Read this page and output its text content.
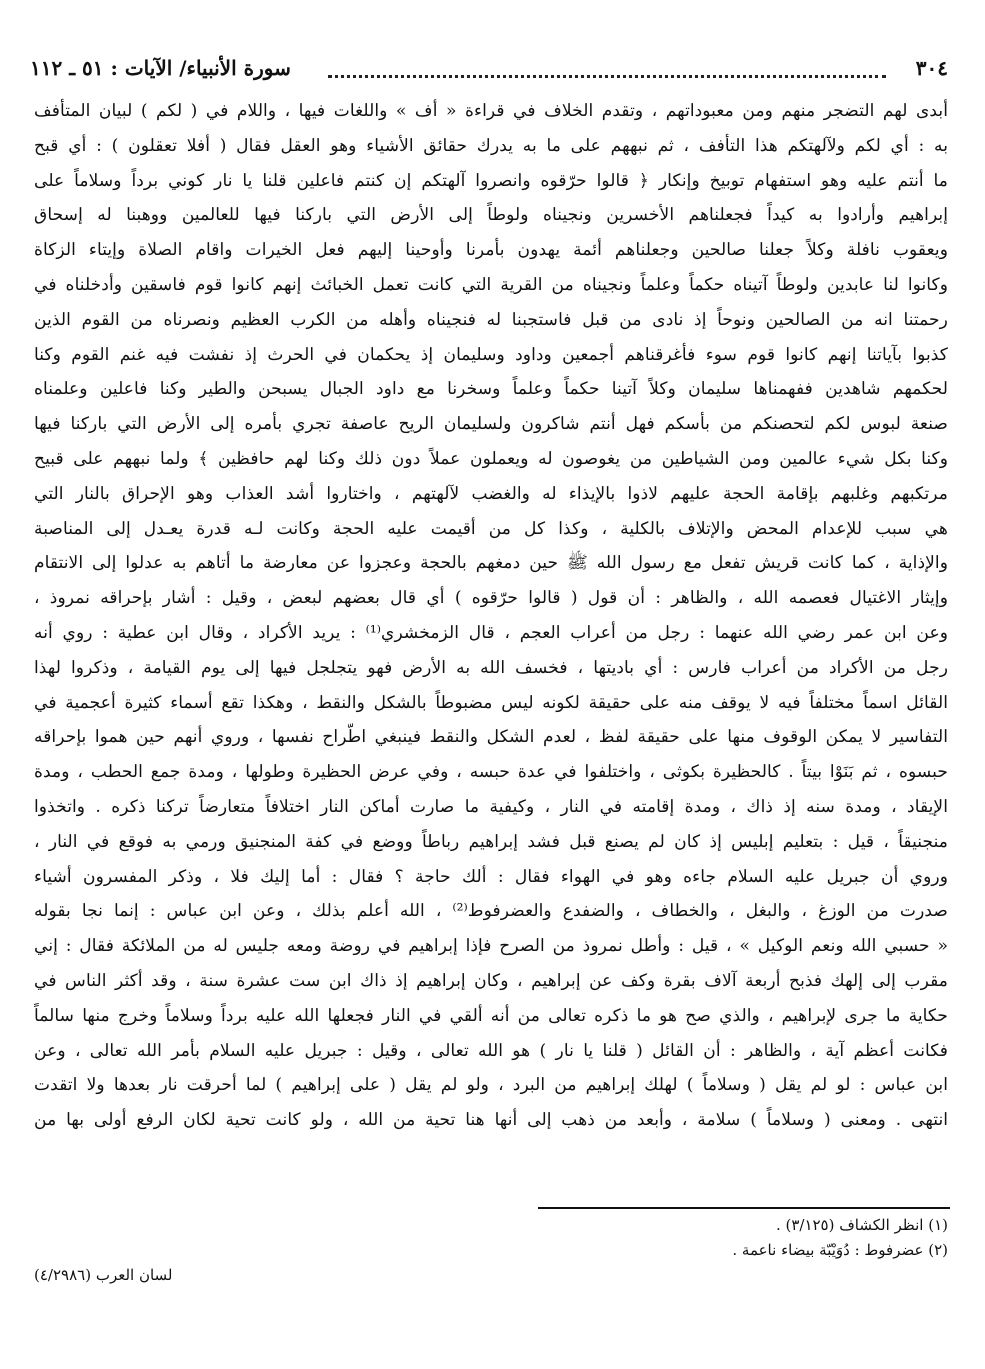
٣٠٤
سورة الأنبياء/ الآيات : ٥١ ـ ١١٢
أبدى لهم التضجر منهم ومن معبوداتهم ، وتقدم الخلاف في قراءة « أف » واللغات فيها ، واللام في ( لكم ) لبيان المتأفف
به : أي لكم ولآلهتكم هذا التأفف ، ثم نبههم على ما به يدرك حقائق الأشياء وهو العقل فقال ( أفلا تعقلون ) : أي قبح
ما أنتم عليه وهو استفهام توبيخ وإنكار ﴿ قالوا حرّقوه وانصروا آلهتكم إن كنتم فاعلين قلنا يا نار كوني برداً وسلاماً على
إبراهيم وأرادوا به كيداً فجعلناهم الأخسرين ونجيناه ولوطاً إلى الأرض التي باركنا فيها للعالمين ووهبنا له إسحاق
ويعقوب نافلة وكلاً جعلنا صالحين وجعلناهم أئمة يهدون بأمرنا وأوحينا إليهم فعل الخيرات واقام الصلاة وإيتاء الزكاة
وكانوا لنا عابدين ولوطاً آتيناه حكماً وعلماً ونجيناه من القرية التي كانت تعمل الخبائث إنهم كانوا قوم فاسقين وأدخلناه في
رحمتنا انه من الصالحين ونوحاً إذ نادى من قبل فاستجبنا له فنجيناه وأهله من الكرب العظيم ونصرناه من القوم الذين
كذبوا بآياتنا إنهم كانوا قوم سوء فأغرقناهم أجمعين وداود وسليمان إذ يحكمان في الحرث إذ نفشت فيه غنم القوم وكنا
لحكمهم شاهدين ففهمناها سليمان وكلاً آتينا حكماً وعلماً وسخرنا مع داود الجبال يسبحن والطير وكنا فاعلين وعلمناه
صنعة لبوس لكم لتحصنكم من بأسكم فهل أنتم شاكرون ولسليمان الريح عاصفة تجري بأمره إلى الأرض التي باركنا فيها
وكنا بكل شيء عالمين ومن الشياطين من يغوصون له ويعملون عملاً دون ذلك وكنا لهم حافظين ﴾ ولما نبههم على قبيح
مرتكبهم وغلبهم بإقامة الحجة عليهم لاذوا بالإيذاء له والغضب لآلهتهم ، واختاروا أشد العذاب وهو الإحراق بالنار التي
هي سبب للإعدام المحض والإتلاف بالكلية ، وكذا كل من أقيمت عليه الحجة وكانت لـه قدرة يعـدل إلى المناصبة
والإذاية ، كما كانت قريش تفعل مع رسول الله ﷺ حين دمغهم بالحجة وعجزوا عن معارضة ما أتاهم به عدلوا إلى الانتقام
وإيثار الاغتيال فعصمه الله ، والظاهر : أن قول ( قالوا حرّقوه ) أي قال بعضهم لبعض ، وقيل : أشار بإحراقه نمروذ ،
وعن ابن عمر رضي الله عنهما : رجل من أعراب العجم ، قال الزمخشري⁽¹⁾ : يريد الأكراد ، وقال ابن عطية : روي أنه
رجل من الأكراد من أعراب فارس : أي باديتها ، فخسف الله به الأرض فهو يتجلجل فيها إلى يوم القيامة ، وذكروا لهذا
القائل اسماً مختلفاً فيه لا يوقف منه على حقيقة لكونه ليس مضبوطاً بالشكل والنقط ، وهكذا تقع أسماء كثيرة أعجمية في
التفاسير لا يمكن الوقوف منها على حقيقة لفظ ، لعدم الشكل والنقط فينبغي اطّراح نفسها ، وروي أنهم حين هموا بإحراقه
حبسوه ، ثم بَنَوْا بيتاً . كالحظيرة بكوثى ، واختلفوا في عدة حبسه ، وفي عرض الحظيرة وطولها ، ومدة جمع الحطب ، ومدة
الإيقاد ، ومدة سنه إذ ذاك ، ومدة إقامته في النار ، وكيفية ما صارت أماكن النار اختلافاً متعارضاً تركنا ذكره . واتخذوا
منجنيقاً ، قيل : بتعليم إبليس إذ كان لم يصنع قبل فشد إبراهيم رباطاً ووضع في كفة المنجنيق ورمي به فوقع في النار ،
وروي أن جبريل عليه السلام جاءه وهو في الهواء فقال : ألك حاجة ؟ فقال : أما إليك فلا ، وذكر المفسرون أشياء
صدرت من الوزغ ، والبغل ، والخطاف ، والضفدع والعضرفوط⁽²⁾ ، الله أعلم بذلك ، وعن ابن عباس : إنما نجا بقوله
« حسبي الله ونعم الوكيل » ، قيل : وأطل نمروذ من الصرح فإذا إبراهيم في روضة ومعه جليس له من الملائكة فقال : إني
مقرب إلى إلهك فذبح أربعة آلاف بقرة وكف عن إبراهيم ، وكان إبراهيم إذ ذاك ابن ست عشرة سنة ، وقد أكثر الناس في
حكاية ما جرى لإبراهيم ، والذي صح هو ما ذكره تعالى من أنه ألقي في النار فجعلها الله عليه برداً وسلاماً وخرج منها سالماً
فكانت أعظم آية ، والظاهر : أن القائل ( قلنا يا نار ) هو الله تعالى ، وقيل : جبريل عليه السلام بأمر الله تعالى ، وعن
ابن عباس : لو لم يقل ( وسلاماً ) لهلك إبراهيم من البرد ، ولو لم يقل ( على إبراهيم ) لما أحرقت نار بعدها ولا اتقدت
انتهى . ومعنى ( وسلاماً ) سلامة ، وأبعد من ذهب إلى أنها هنا تحية من الله ، ولو كانت تحية لكان الرفع أولى بها من
(١) انظر الكشاف (٣/١٢٥) .
(٢) عضرفوط : دُوَيْبّة بيضاء ناعمة .
لسان العرب (٤/٢٩٨٦)
